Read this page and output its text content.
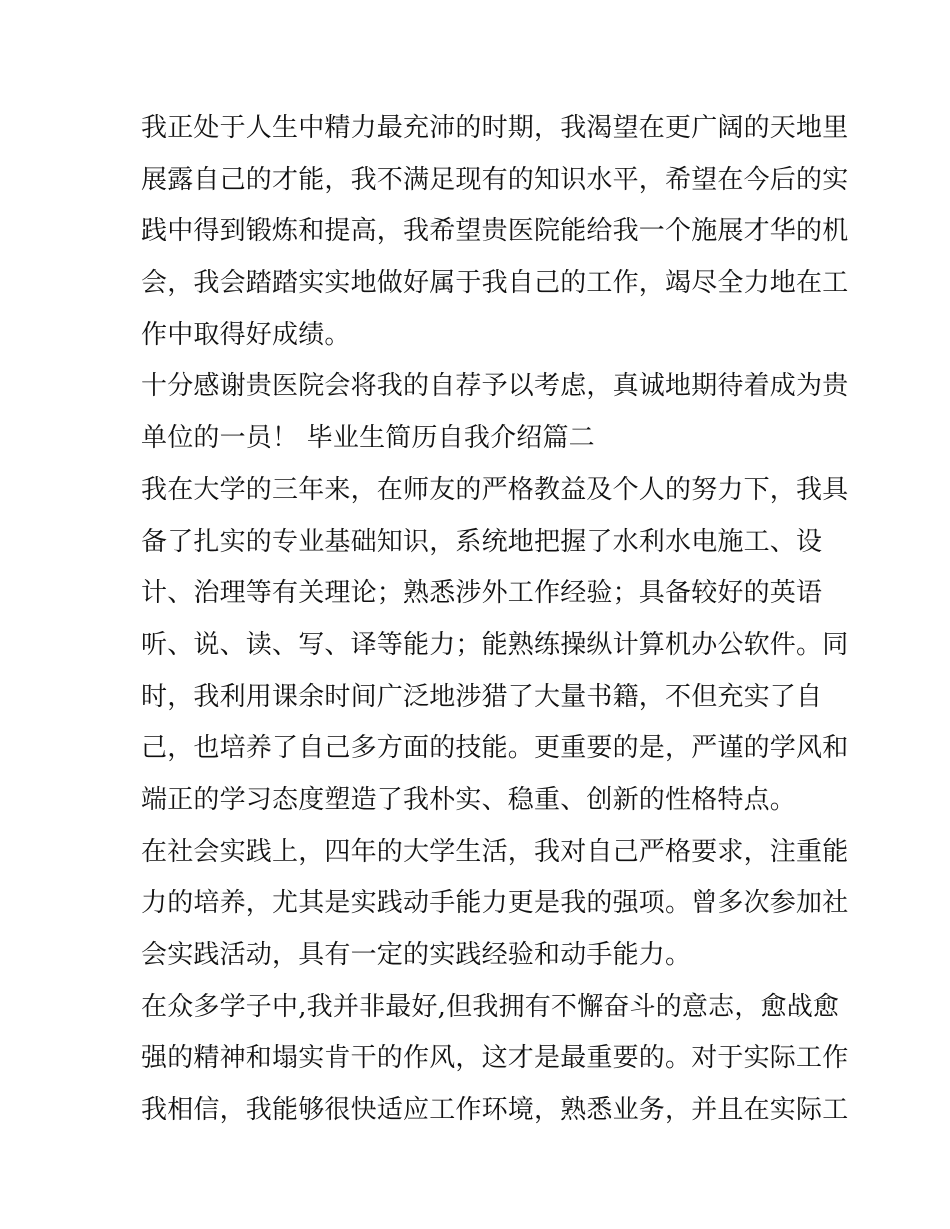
我正处于人生中精力最充沛的时期，我渴望在更广阔的天地里
展露自己的才能，我不满足现有的知识水平，希望在今后的实
践中得到锻炼和提高，我希望贵医院能给我一个施展才华的机
会，我会踏踏实实地做好属于我自己的工作，竭尽全力地在工
作中取得好成绩。
十分感谢贵医院会将我的自荐予以考虑，真诚地期待着成为贵
单位的一员！ 毕业生简历自我介绍篇二
我在大学的三年来，在师友的严格教益及个人的努力下，我具
备了扎实的专业基础知识，系统地把握了水利水电施工、设
计、治理等有关理论；熟悉涉外工作经验；具备较好的英语
听、说、读、写、译等能力；能熟练操纵计算机办公软件。同
时，我利用课余时间广泛地涉猎了大量书籍，不但充实了自
己，也培养了自己多方面的技能。更重要的是，严谨的学风和
端正的学习态度塑造了我朴实、稳重、创新的性格特点。
在社会实践上，四年的大学生活，我对自己严格要求，注重能
力的培养，尤其是实践动手能力更是我的强项。曾多次参加社
会实践活动，具有一定的实践经验和动手能力。
在众多学子中,我并非最好,但我拥有不懈奋斗的意志，愈战愈
强的精神和塌实肯干的作风，这才是最重要的。对于实际工作
我相信，我能够很快适应工作环境，熟悉业务，并且在实际工
